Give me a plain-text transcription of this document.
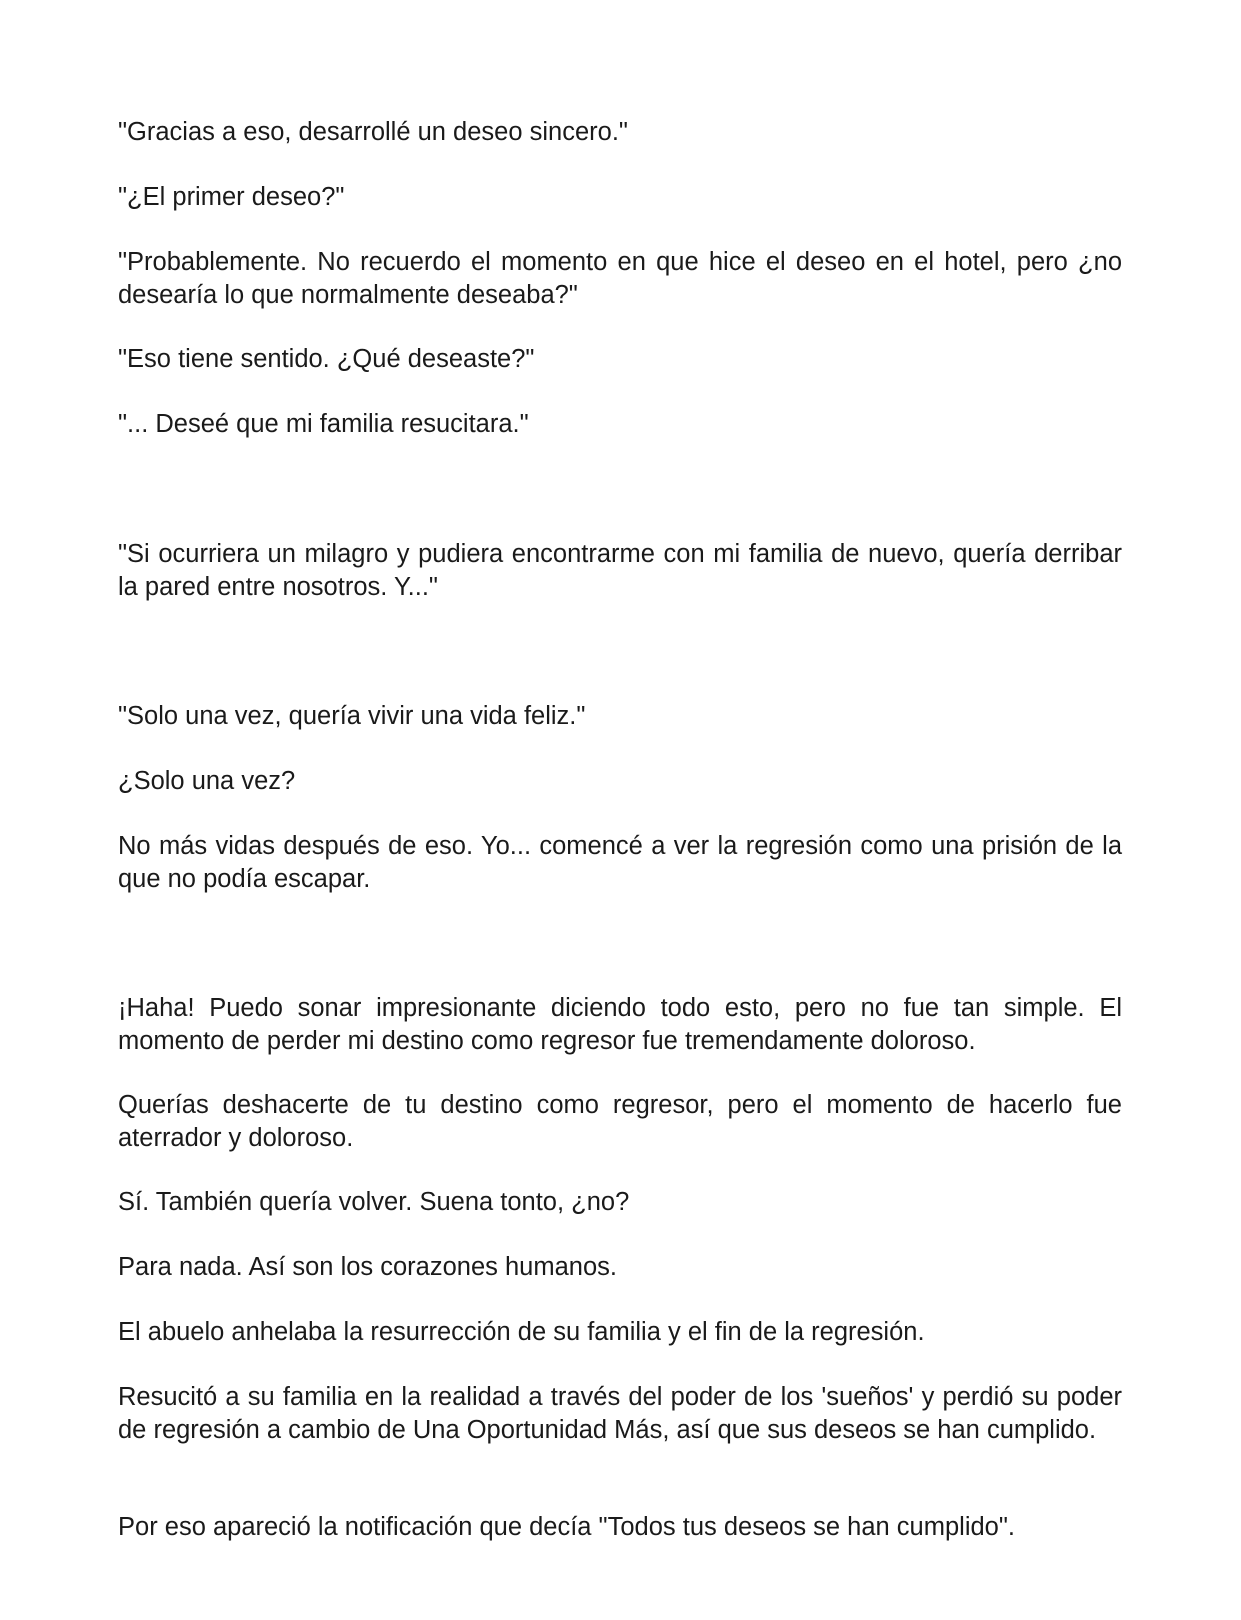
"Gracias a eso, desarrollé un deseo sincero."

"¿El primer deseo?"

"Probablemente. No recuerdo el momento en que hice el deseo en el hotel, pero ¿no desearía lo que normalmente deseaba?"

"Eso tiene sentido. ¿Qué deseaste?"

"... Deseé que mi familia resucitara."

"Si ocurriera un milagro y pudiera encontrarme con mi familia de nuevo, quería derribar la pared entre nosotros. Y..."

"Solo una vez, quería vivir una vida feliz."

¿Solo una vez?

No más vidas después de eso. Yo... comencé a ver la regresión como una prisión de la que no podía escapar.

¡Haha! Puedo sonar impresionante diciendo todo esto, pero no fue tan simple. El momento de perder mi destino como regresor fue tremendamente doloroso.

Querías deshacerte de tu destino como regresor, pero el momento de hacerlo fue aterrador y doloroso.

Sí. También quería volver. Suena tonto, ¿no?

Para nada. Así son los corazones humanos.

El abuelo anhelaba la resurrección de su familia y el fin de la regresión.

Resucitó a su familia en la realidad a través del poder de los 'sueños' y perdió su poder de regresión a cambio de Una Oportunidad Más, así que sus deseos se han cumplido.

Por eso apareció la notificación que decía "Todos tus deseos se han cumplido".
